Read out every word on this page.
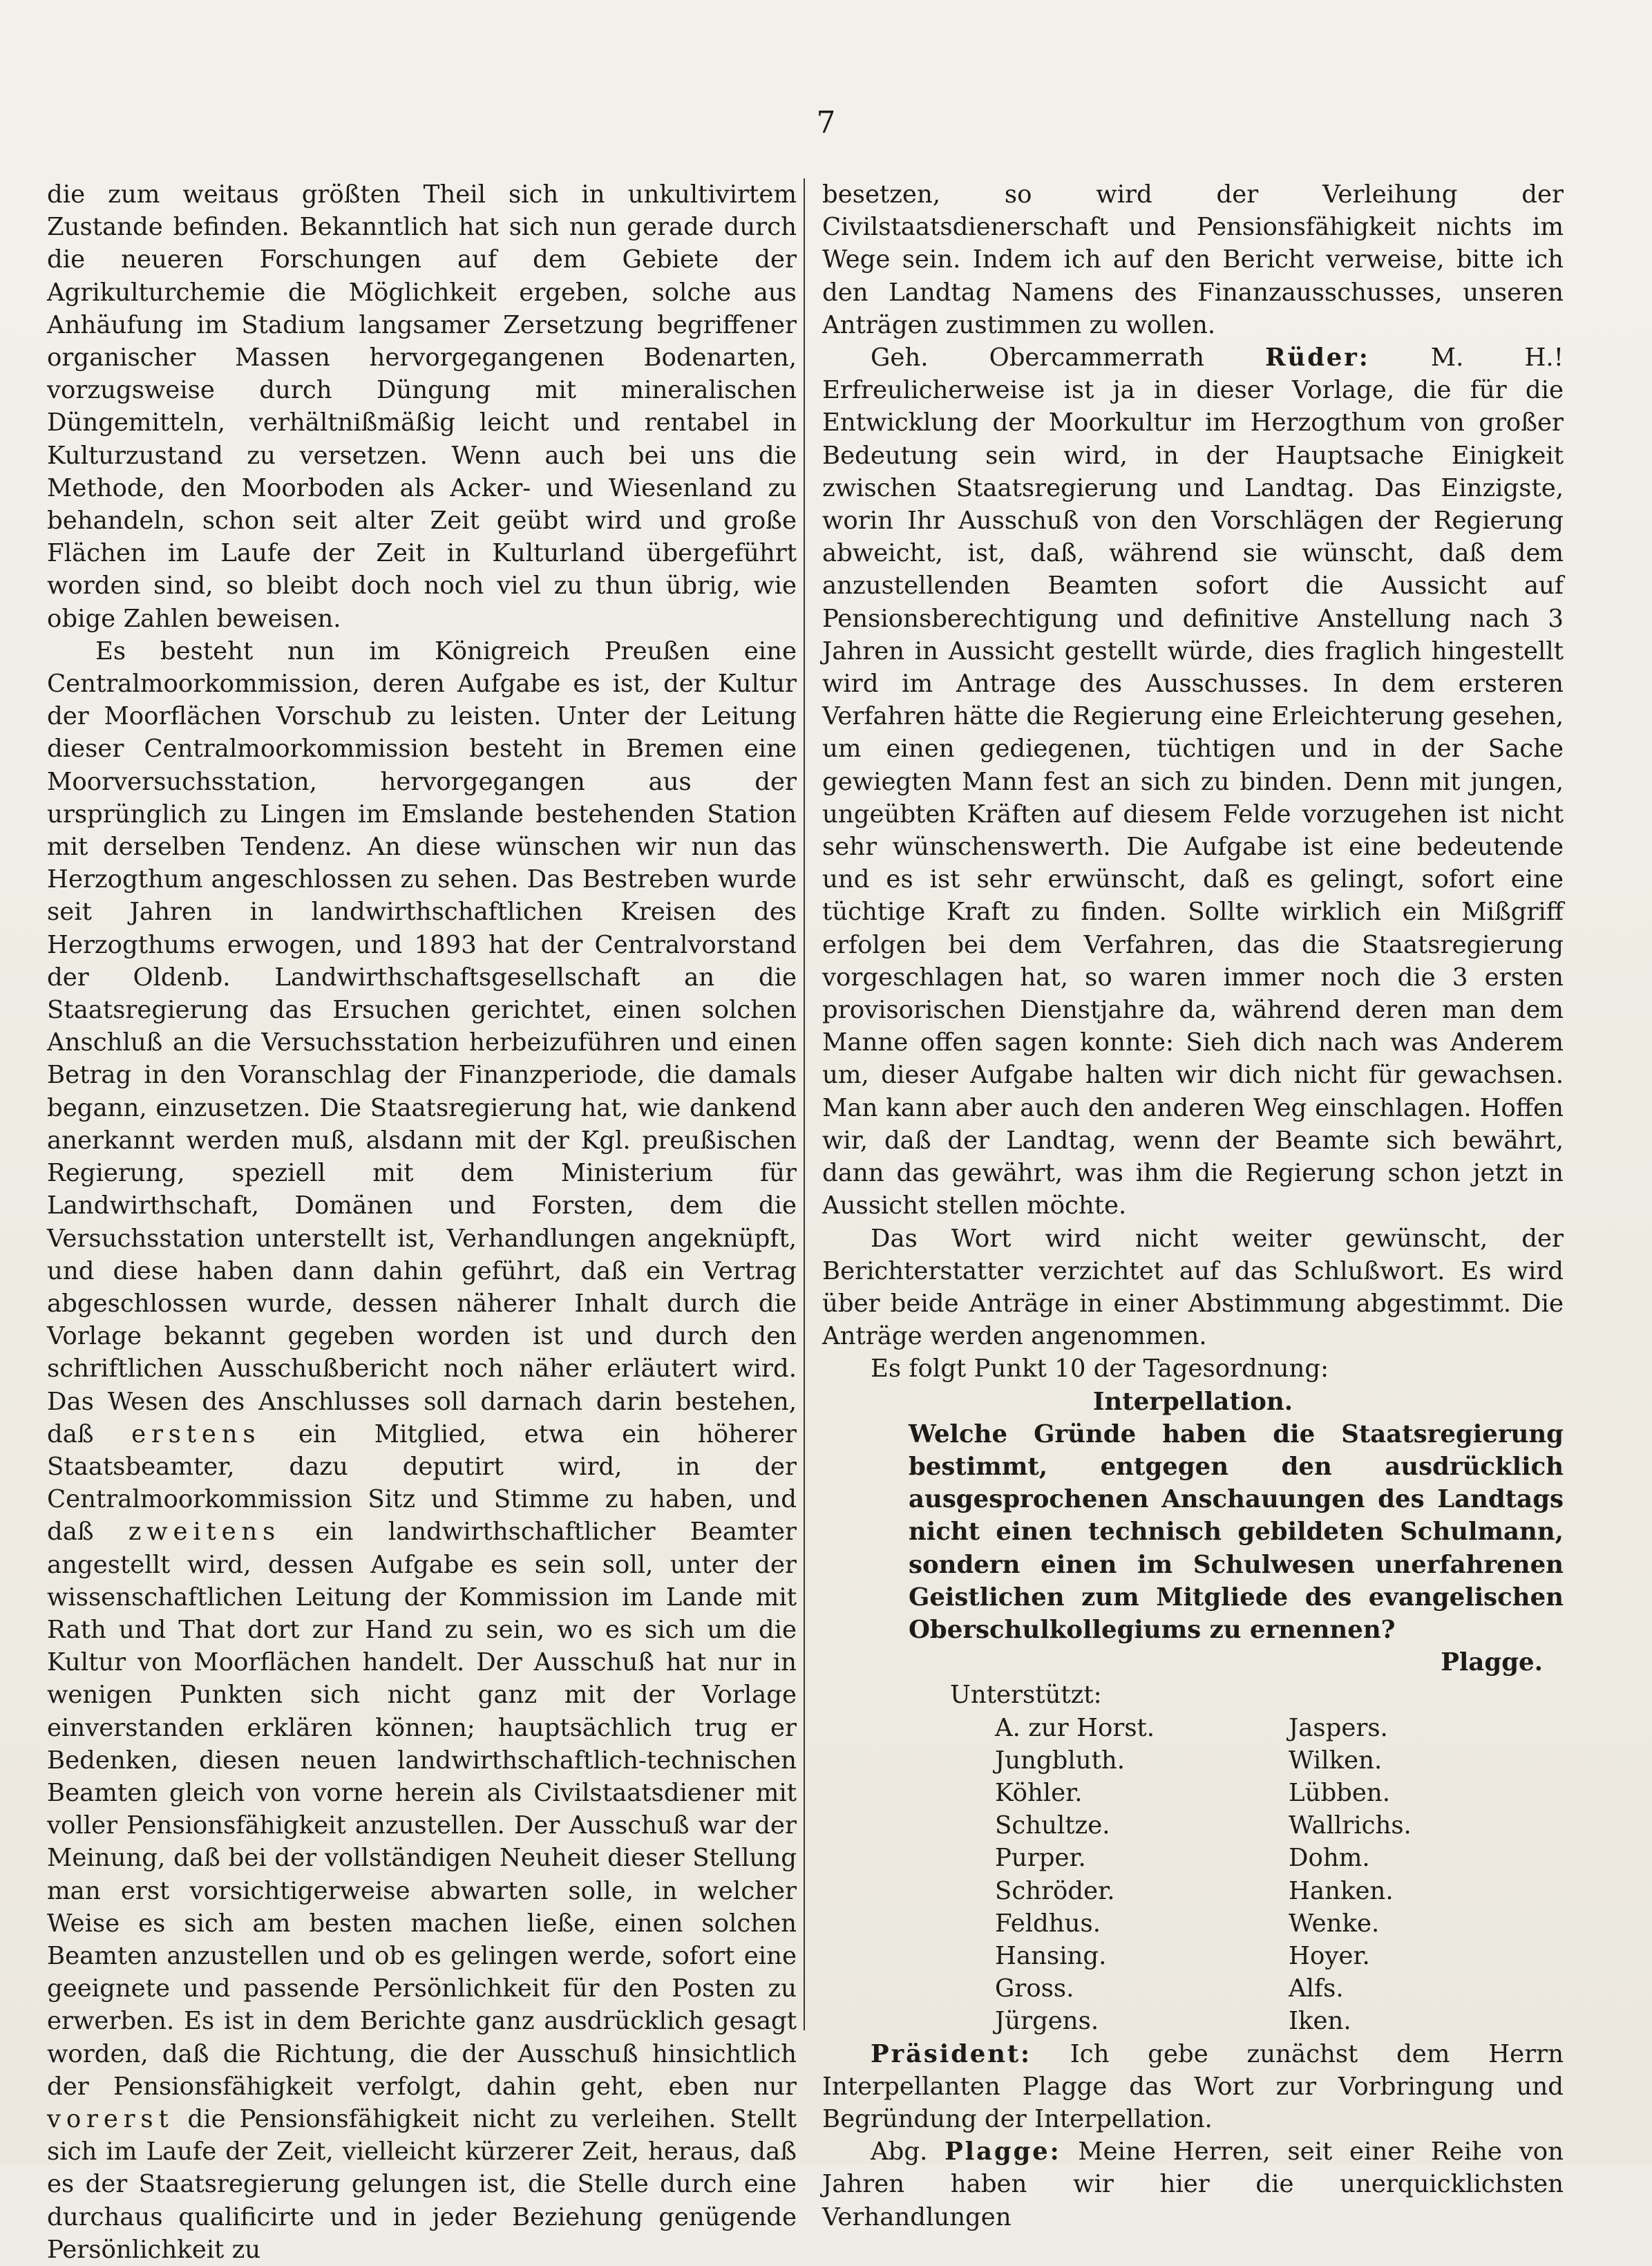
7

die zum weitaus größten Theil sich in unkultivirtem Zustande befinden. Bekanntlich hat sich nun gerade durch die neueren Forschungen auf dem Gebiete der Agrikulturchemie die Möglichkeit ergeben, solche aus Anhäufung im Stadium langsamer Zersetzung begriffener organischer Massen hervorgegangenen Bodenarten, vorzugsweise durch Düngung mit mineralischen Düngemitteln, verhältnißmäßig leicht und rentabel in Kulturzustand zu versetzen. Wenn auch bei uns die Methode, den Moorboden als Acker- und Wiesenland zu behandeln, schon seit alter Zeit geübt wird und große Flächen im Laufe der Zeit in Kulturland übergeführt worden sind, so bleibt doch noch viel zu thun übrig, wie obige Zahlen beweisen.

Es besteht nun im Königreich Preußen eine Centralmoorkommission, deren Aufgabe es ist, der Kultur der Moorflächen Vorschub zu leisten. Unter der Leitung dieser Centralmoorkommission besteht in Bremen eine Moorversuchsstation, hervorgegangen aus der ursprünglich zu Lingen im Emslande bestehenden Station mit derselben Tendenz. An diese wünschen wir nun das Herzogthum angeschlossen zu sehen. Das Bestreben wurde seit Jahren in landwirthschaftlichen Kreisen des Herzogthums erwogen, und 1893 hat der Centralvorstand der Oldenb. Landwirthschaftsgesellschaft an die Staatsregierung das Ersuchen gerichtet, einen solchen Anschluß an die Versuchsstation herbeizuführen und einen Betrag in den Voranschlag der Finanzperiode, die damals begann, einzusetzen. Die Staatsregierung hat, wie dankend anerkannt werden muß, alsdann mit der Kgl. preußischen Regierung, speziell mit dem Ministerium für Landwirthschaft, Domänen und Forsten, dem die Versuchsstation unterstellt ist, Verhandlungen angeknüpft, und diese haben dann dahin geführt, daß ein Vertrag abgeschlossen wurde, dessen näherer Inhalt durch die Vorlage bekannt gegeben worden ist und durch den schriftlichen Ausschußbericht noch näher erläutert wird. Das Wesen des Anschlusses soll darnach darin bestehen, daß erstens ein Mitglied, etwa ein höherer Staatsbeamter, dazu deputirt wird, in der Centralmoorkommission Sitz und Stimme zu haben, und daß zweitens ein landwirthschaftlicher Beamter angestellt wird, dessen Aufgabe es sein soll, unter der wissenschaftlichen Leitung der Kommission im Lande mit Rath und That dort zur Hand zu sein, wo es sich um die Kultur von Moorflächen handelt. Der Ausschuß hat nur in wenigen Punkten sich nicht ganz mit der Vorlage einverstanden erklären können; hauptsächlich trug er Bedenken, diesen neuen landwirthschaftlich-technischen Beamten gleich von vorne herein als Civilstaatsdiener mit voller Pensionsfähigkeit anzustellen. Der Ausschuß war der Meinung, daß bei der vollständigen Neuheit dieser Stellung man erst vorsichtigerweise abwarten solle, in welcher Weise es sich am besten machen ließe, einen solchen Beamten anzustellen und ob es gelingen werde, sofort eine geeignete und passende Persönlichkeit für den Posten zu erwerben. Es ist in dem Berichte ganz ausdrücklich gesagt worden, daß die Richtung, die der Ausschuß hinsichtlich der Pensionsfähigkeit verfolgt, dahin geht, eben nur vorerst die Pensionsfähigkeit nicht zu verleihen. Stellt sich im Laufe der Zeit, vielleicht kürzerer Zeit, heraus, daß es der Staatsregierung gelungen ist, die Stelle durch eine durchaus qualificirte und in jeder Beziehung genügende Persönlichkeit zu

besetzen, so wird der Verleihung der Civilstaatsdienerschaft und Pensionsfähigkeit nichts im Wege sein. Indem ich auf den Bericht verweise, bitte ich den Landtag Namens des Finanzausschusses, unseren Anträgen zustimmen zu wollen.

Geh. Obercammerrath Rüder: M. H.! Erfreulicherweise ist ja in dieser Vorlage, die für die Entwicklung der Moorkultur im Herzogthum von großer Bedeutung sein wird, in der Hauptsache Einigkeit zwischen Staatsregierung und Landtag. Das Einzigste, worin Ihr Ausschuß von den Vorschlägen der Regierung abweicht, ist, daß, während sie wünscht, daß dem anzustellenden Beamten sofort die Aussicht auf Pensionsberechtigung und definitive Anstellung nach 3 Jahren in Aussicht gestellt würde, dies fraglich hingestellt wird im Antrage des Ausschusses. In dem ersteren Verfahren hätte die Regierung eine Erleichterung gesehen, um einen gediegenen, tüchtigen und in der Sache gewiegten Mann fest an sich zu binden. Denn mit jungen, ungeübten Kräften auf diesem Felde vorzugehen ist nicht sehr wünschenswerth. Die Aufgabe ist eine bedeutende und es ist sehr erwünscht, daß es gelingt, sofort eine tüchtige Kraft zu finden. Sollte wirklich ein Mißgriff erfolgen bei dem Verfahren, das die Staatsregierung vorgeschlagen hat, so waren immer noch die 3 ersten provisorischen Dienstjahre da, während deren man dem Manne offen sagen konnte: Sieh dich nach was Anderem um, dieser Aufgabe halten wir dich nicht für gewachsen. Man kann aber auch den anderen Weg einschlagen. Hoffen wir, daß der Landtag, wenn der Beamte sich bewährt, dann das gewährt, was ihm die Regierung schon jetzt in Aussicht stellen möchte.

Das Wort wird nicht weiter gewünscht, der Berichterstatter verzichtet auf das Schlußwort. Es wird über beide Anträge in einer Abstimmung abgestimmt. Die Anträge werden angenommen.

Es folgt Punkt 10 der Tagesordnung:

Interpellation.

Welche Gründe haben die Staatsregierung bestimmt, entgegen den ausdrücklich ausgesprochenen Anschauungen des Landtags nicht einen technisch gebildeten Schulmann, sondern einen im Schulwesen unerfahrenen Geistlichen zum Mitgliede des evangelischen Oberschulkollegiums zu ernennen?

Plagge.

Unterstützt:

A. zur Horst.	Jaspers.
Jungbluth.	Wilken.
Köhler.	Lübben.
Schultze.	Wallrichs.
Purper.	Dohm.
Schröder.	Hanken.
Feldhus.	Wenke.
Hansing.	Hoyer.
Gross.	Alfs.
Jürgens.	Iken.

Präsident: Ich gebe zunächst dem Herrn Interpellanten Plagge das Wort zur Vorbringung und Begründung der Interpellation.

Abg. Plagge: Meine Herren, seit einer Reihe von Jahren haben wir hier die unerquicklichsten Verhandlungen
